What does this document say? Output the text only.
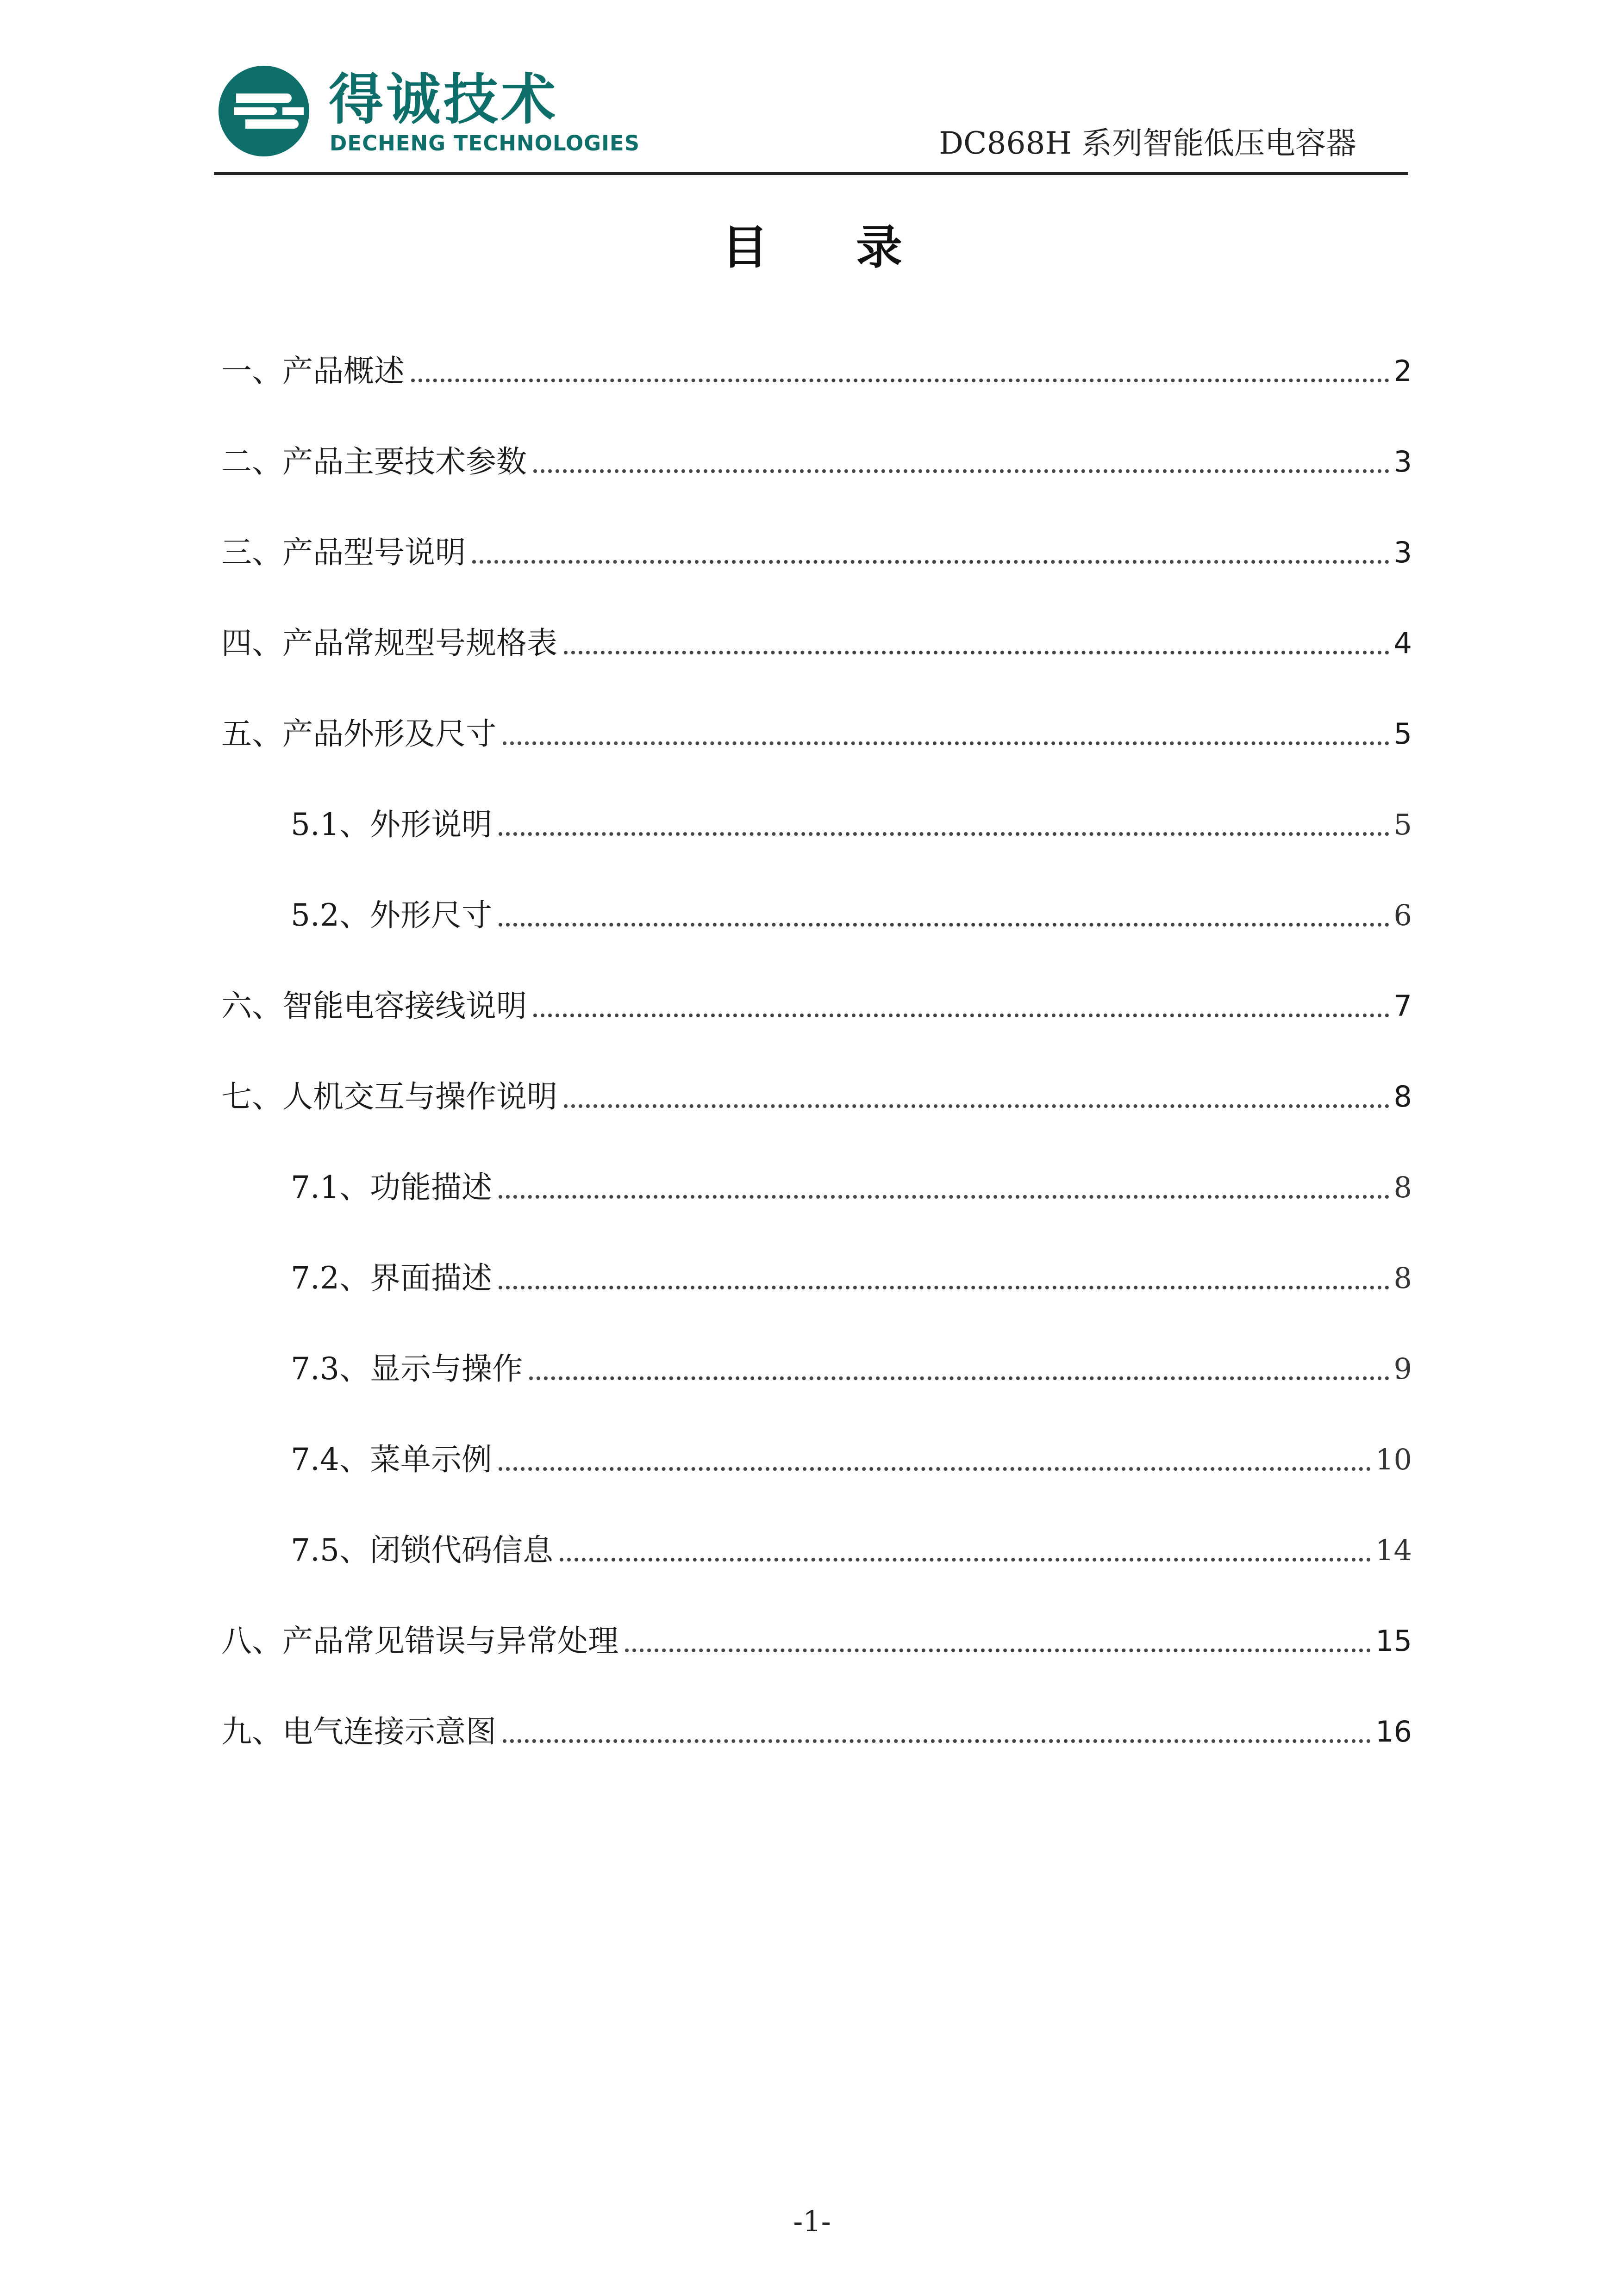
得诚技术
DECHENG TECHNOLOGIES	DC868H 系列智能低压电容器
目录
一、产品概述	2
二、产品主要技术参数	3
三、产品型号说明	3
四、产品常规型号规格表	4
五、产品外形及尺寸	5
5.1、外形说明	5
5.2、外形尺寸	6
六、智能电容接线说明	7
七、人机交互与操作说明	8
7.1、功能描述	8
7.2、界面描述	8
7.3、显示与操作	9
7.4、菜单示例	10
7.5、闭锁代码信息	14
八、产品常见错误与异常处理	15
九、电气连接示意图	16
-1-
